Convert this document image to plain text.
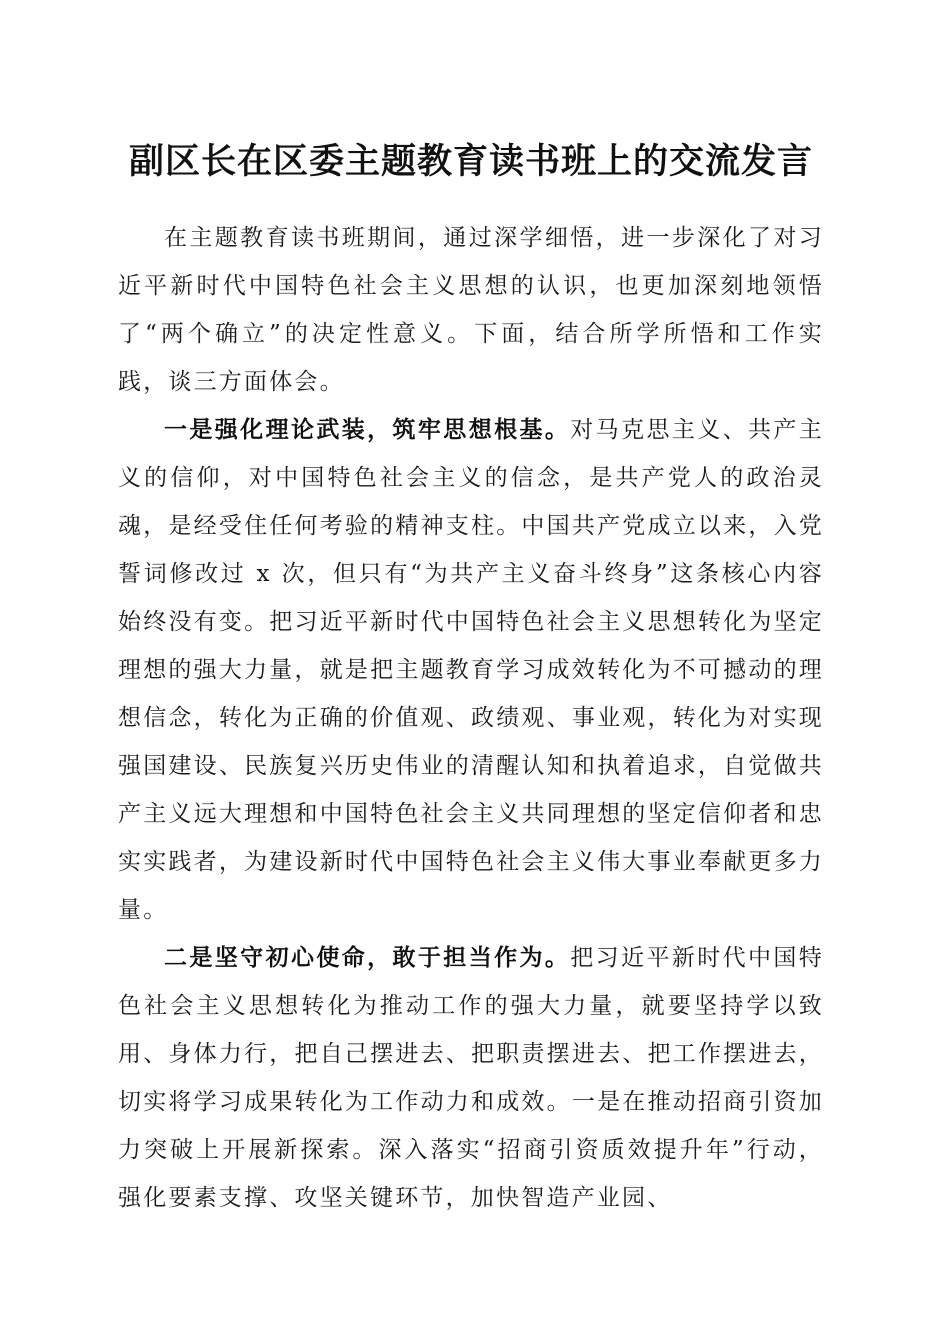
副区长在区委主题教育读书班上的交流发言

在主题教育读书班期间，通过深学细悟，进一步深化了对习近平新时代中国特色社会主义思想的认识，也更加深刻地领悟了“两个确立”的决定性意义。下面，结合所学所悟和工作实践，谈三方面体会。

一是强化理论武装，筑牢思想根基。对马克思主义、共产主义的信仰，对中国特色社会主义的信念，是共产党人的政治灵魂，是经受住任何考验的精神支柱。中国共产党成立以来，入党誓词修改过 x 次，但只有“为共产主义奋斗终身”这条核心内容始终没有变。把习近平新时代中国特色社会主义思想转化为坚定理想的强大力量，就是把主题教育学习成效转化为不可撼动的理想信念，转化为正确的价值观、政绩观、事业观，转化为对实现强国建设、民族复兴历史伟业的清醒认知和执着追求，自觉做共产主义远大理想和中国特色社会主义共同理想的坚定信仰者和忠实实践者，为建设新时代中国特色社会主义伟大事业奉献更多力量。

二是坚守初心使命，敢于担当作为。把习近平新时代中国特色社会主义思想转化为推动工作的强大力量，就要坚持学以致用、身体力行，把自己摆进去、把职责摆进去、把工作摆进去，切实将学习成果转化为工作动力和成效。一是在推动招商引资加力突破上开展新探索。深入落实“招商引资质效提升年”行动，强化要素支撑、攻坚关键环节，加快智造产业园、
